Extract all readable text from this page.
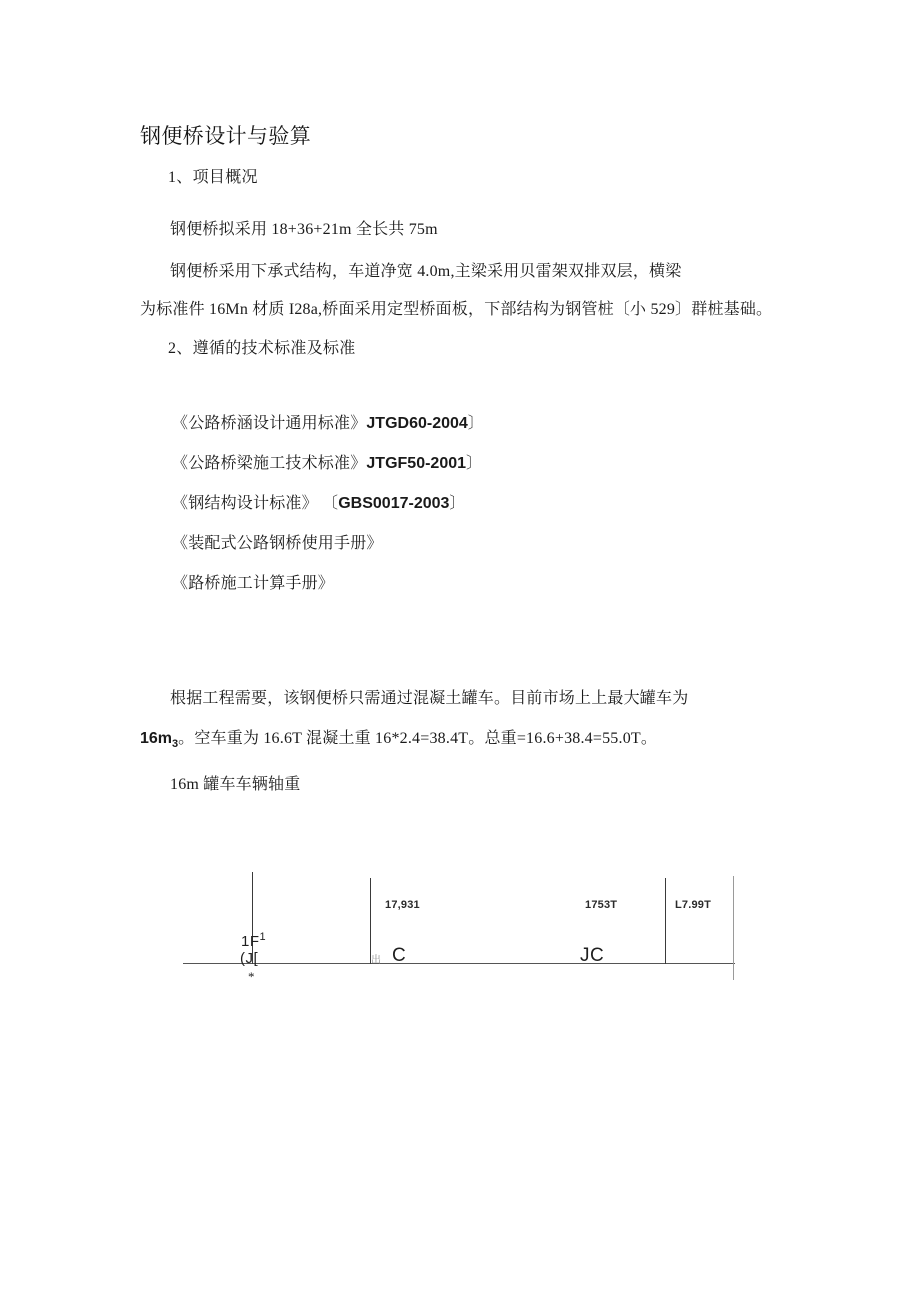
钢便桥设计与验算
1、项目概况
钢便桥拟采用 18+36+21m 全长共 75m
钢便桥采用下承式结构，车道净宽 4.0m,主梁采用贝雷架双排双层，横梁
为标准件 16Mn 材质 I28a,桥面采用定型桥面板，下部结构为钢管桩〔小 529〕群桩基础。
2、遵循的技术标准及标准
《公路桥涵设计通用标准》JTGD60-2004〕
《公路桥梁施工技术标准》JTGF50-2001〕
《钢结构设计标准》 〔GBS0017-2003〕
《装配式公路钢桥使用手册》
《路桥施工计算手册》
根据工程需要，该钢便桥只需通过混凝土罐车。目前市场上上最大罐车为
$16m_3$。空车重为 16.6T 混凝土重 16*2.4=38.4T。总重=16.6+38.4=55.0T。
16m 罐车车辆轴重
17,931	1753T	L7.99T
$1F^1$
(J[
*
出 C	JC
